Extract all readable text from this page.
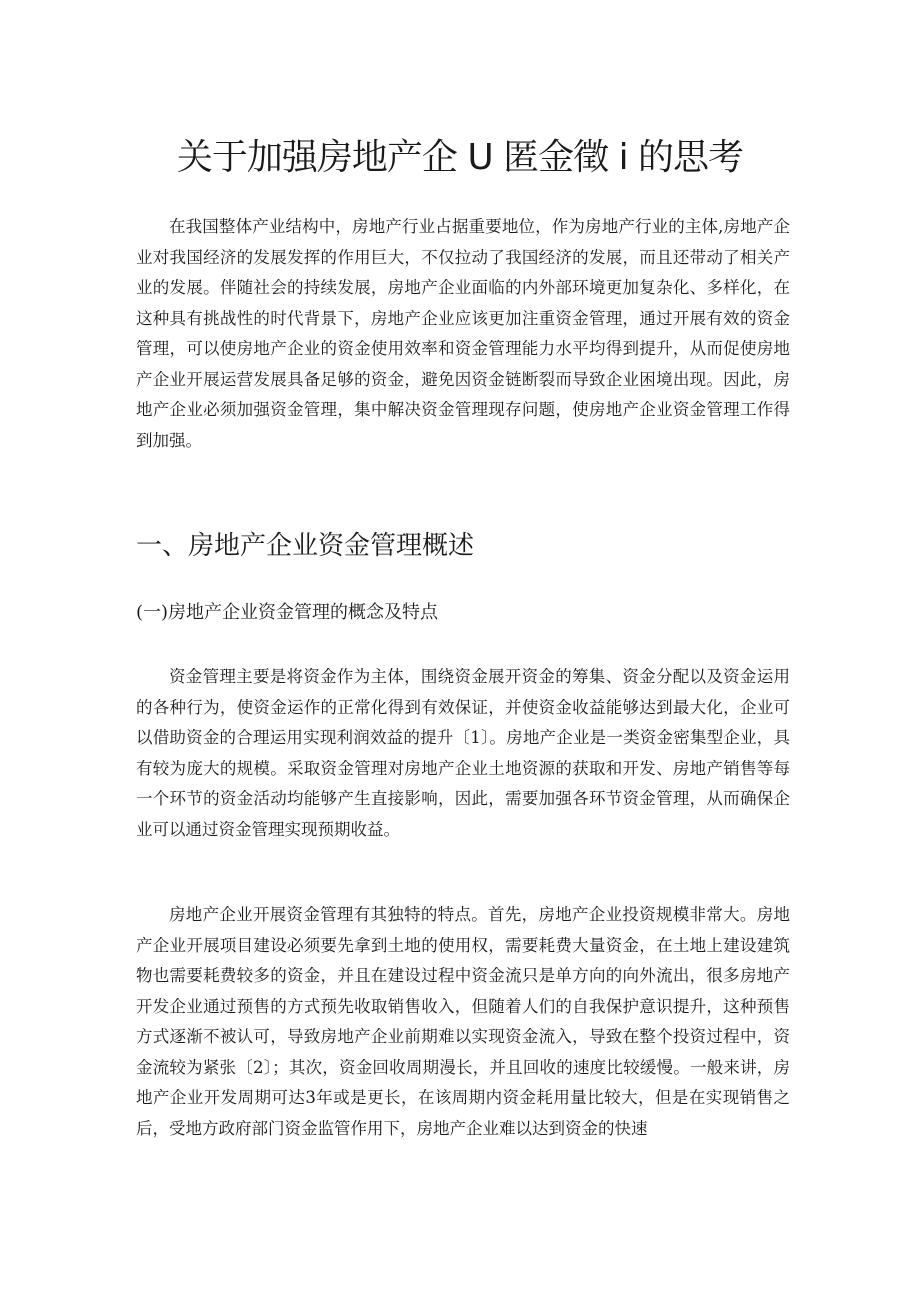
关于加强房地产企 U 匿金徵 i 的思考

在我国整体产业结构中，房地产行业占据重要地位，作为房地产行业的主体,房地产企业对我国经济的发展发挥的作用巨大，不仅拉动了我国经济的发展，而且还带动了相关产业的发展。伴随社会的持续发展，房地产企业面临的内外部环境更加复杂化、多样化，在这种具有挑战性的时代背景下，房地产企业应该更加注重资金管理，通过开展有效的资金管理，可以使房地产企业的资金使用效率和资金管理能力水平均得到提升，从而促使房地产企业开展运营发展具备足够的资金，避免因资金链断裂而导致企业困境出现。因此，房地产企业必须加强资金管理，集中解决资金管理现存问题，使房地产企业资金管理工作得到加强。

一、房地产企业资金管理概述
(一)房地产企业资金管理的概念及特点

资金管理主要是将资金作为主体，围绕资金展开资金的筹集、资金分配以及资金运用的各种行为，使资金运作的正常化得到有效保证，并使资金收益能够达到最大化，企业可以借助资金的合理运用实现利润效益的提升〔1〕。房地产企业是一类资金密集型企业，具有较为庞大的规模。采取资金管理对房地产企业土地资源的获取和开发、房地产销售等每一个环节的资金活动均能够产生直接影响，因此，需要加强各环节资金管理，从而确保企业可以通过资金管理实现预期收益。

房地产企业开展资金管理有其独特的特点。首先，房地产企业投资规模非常大。房地产企业开展项目建设必须要先拿到土地的使用权，需要耗费大量资金，在土地上建设建筑物也需要耗费较多的资金，并且在建设过程中资金流只是单方向的向外流出，很多房地产开发企业通过预售的方式预先收取销售收入，但随着人们的自我保护意识提升，这种预售方式逐渐不被认可，导致房地产企业前期难以实现资金流入，导致在整个投资过程中，资金流较为紧张〔2〕；其次，资金回收周期漫长，并且回收的速度比较缓慢。一般来讲，房地产企业开发周期可达3年或是更长，在该周期内资金耗用量比较大，但是在实现销售之后，受地方政府部门资金监管作用下，房地产企业难以达到资金的快速
